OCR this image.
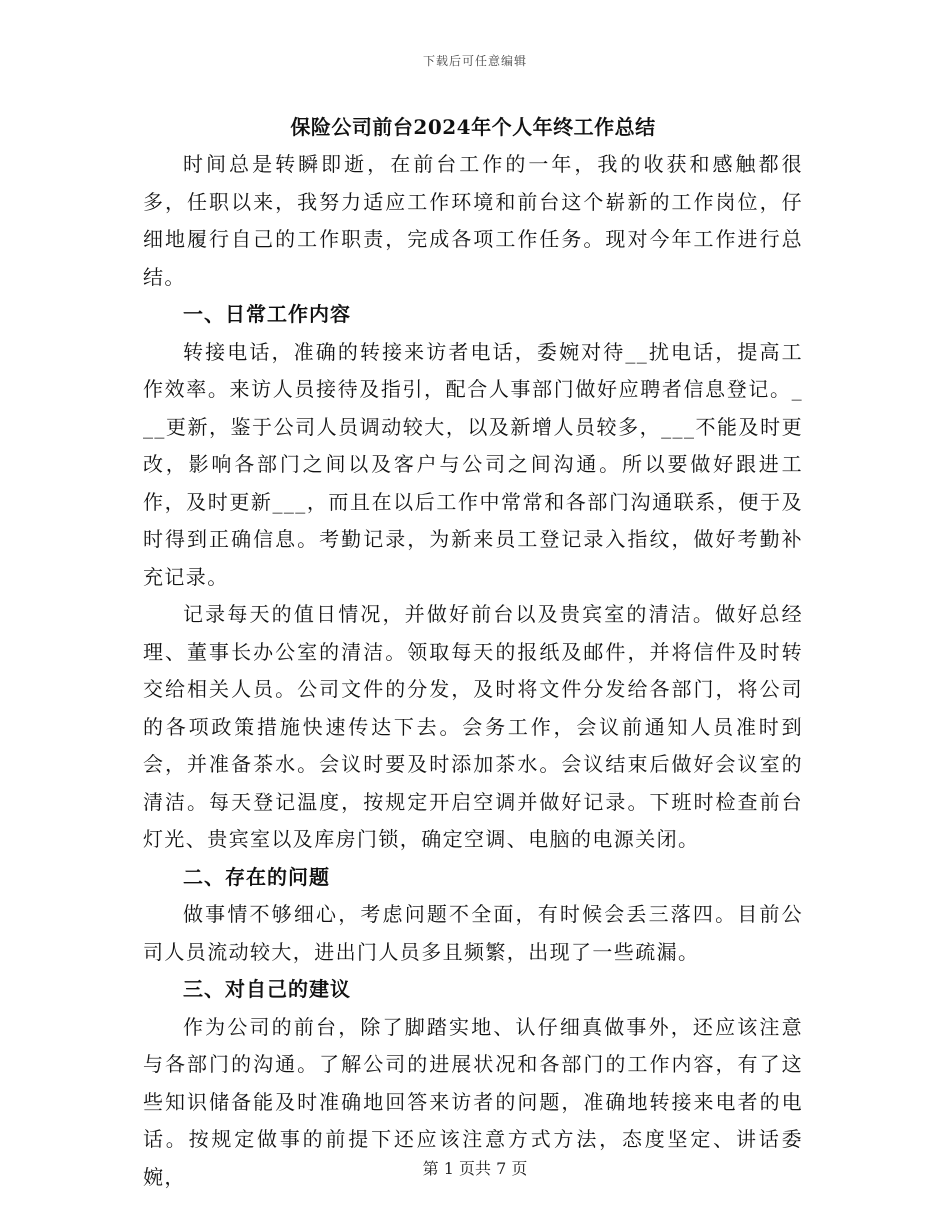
下载后可任意编辑
保险公司前台2024年个人年终工作总结

时间总是转瞬即逝，在前台工作的一年，我的收获和感触都很多，任职以来，我努力适应工作环境和前台这个崭新的工作岗位，仔细地履行自己的工作职责，完成各项工作任务。现对今年工作进行总结。

一、日常工作内容

转接电话，准确的转接来访者电话，委婉对待__扰电话，提高工作效率。来访人员接待及指引，配合人事部门做好应聘者信息登记。___更新，鉴于公司人员调动较大，以及新增人员较多，___不能及时更改，影响各部门之间以及客户与公司之间沟通。所以要做好跟进工作，及时更新___，而且在以后工作中常常和各部门沟通联系，便于及时得到正确信息。考勤记录，为新来员工登记录入指纹，做好考勤补充记录。

记录每天的值日情况，并做好前台以及贵宾室的清洁。做好总经理、董事长办公室的清洁。领取每天的报纸及邮件，并将信件及时转交给相关人员。公司文件的分发，及时将文件分发给各部门，将公司的各项政策措施快速传达下去。会务工作，会议前通知人员准时到会，并准备茶水。会议时要及时添加茶水。会议结束后做好会议室的清洁。每天登记温度，按规定开启空调并做好记录。下班时检查前台灯光、贵宾室以及库房门锁，确定空调、电脑的电源关闭。

二、存在的问题

做事情不够细心，考虑问题不全面，有时候会丢三落四。目前公司人员流动较大，进出门人员多且频繁，出现了一些疏漏。

三、对自己的建议

作为公司的前台，除了脚踏实地、认仔细真做事外，还应该注意与各部门的沟通。了解公司的进展状况和各部门的工作内容，有了这些知识储备能及时准确地回答来访者的问题，准确地转接来电者的电话。按规定做事的前提下还应该注意方式方法，态度坚定、讲话委婉，	第 1 页共 7 页
